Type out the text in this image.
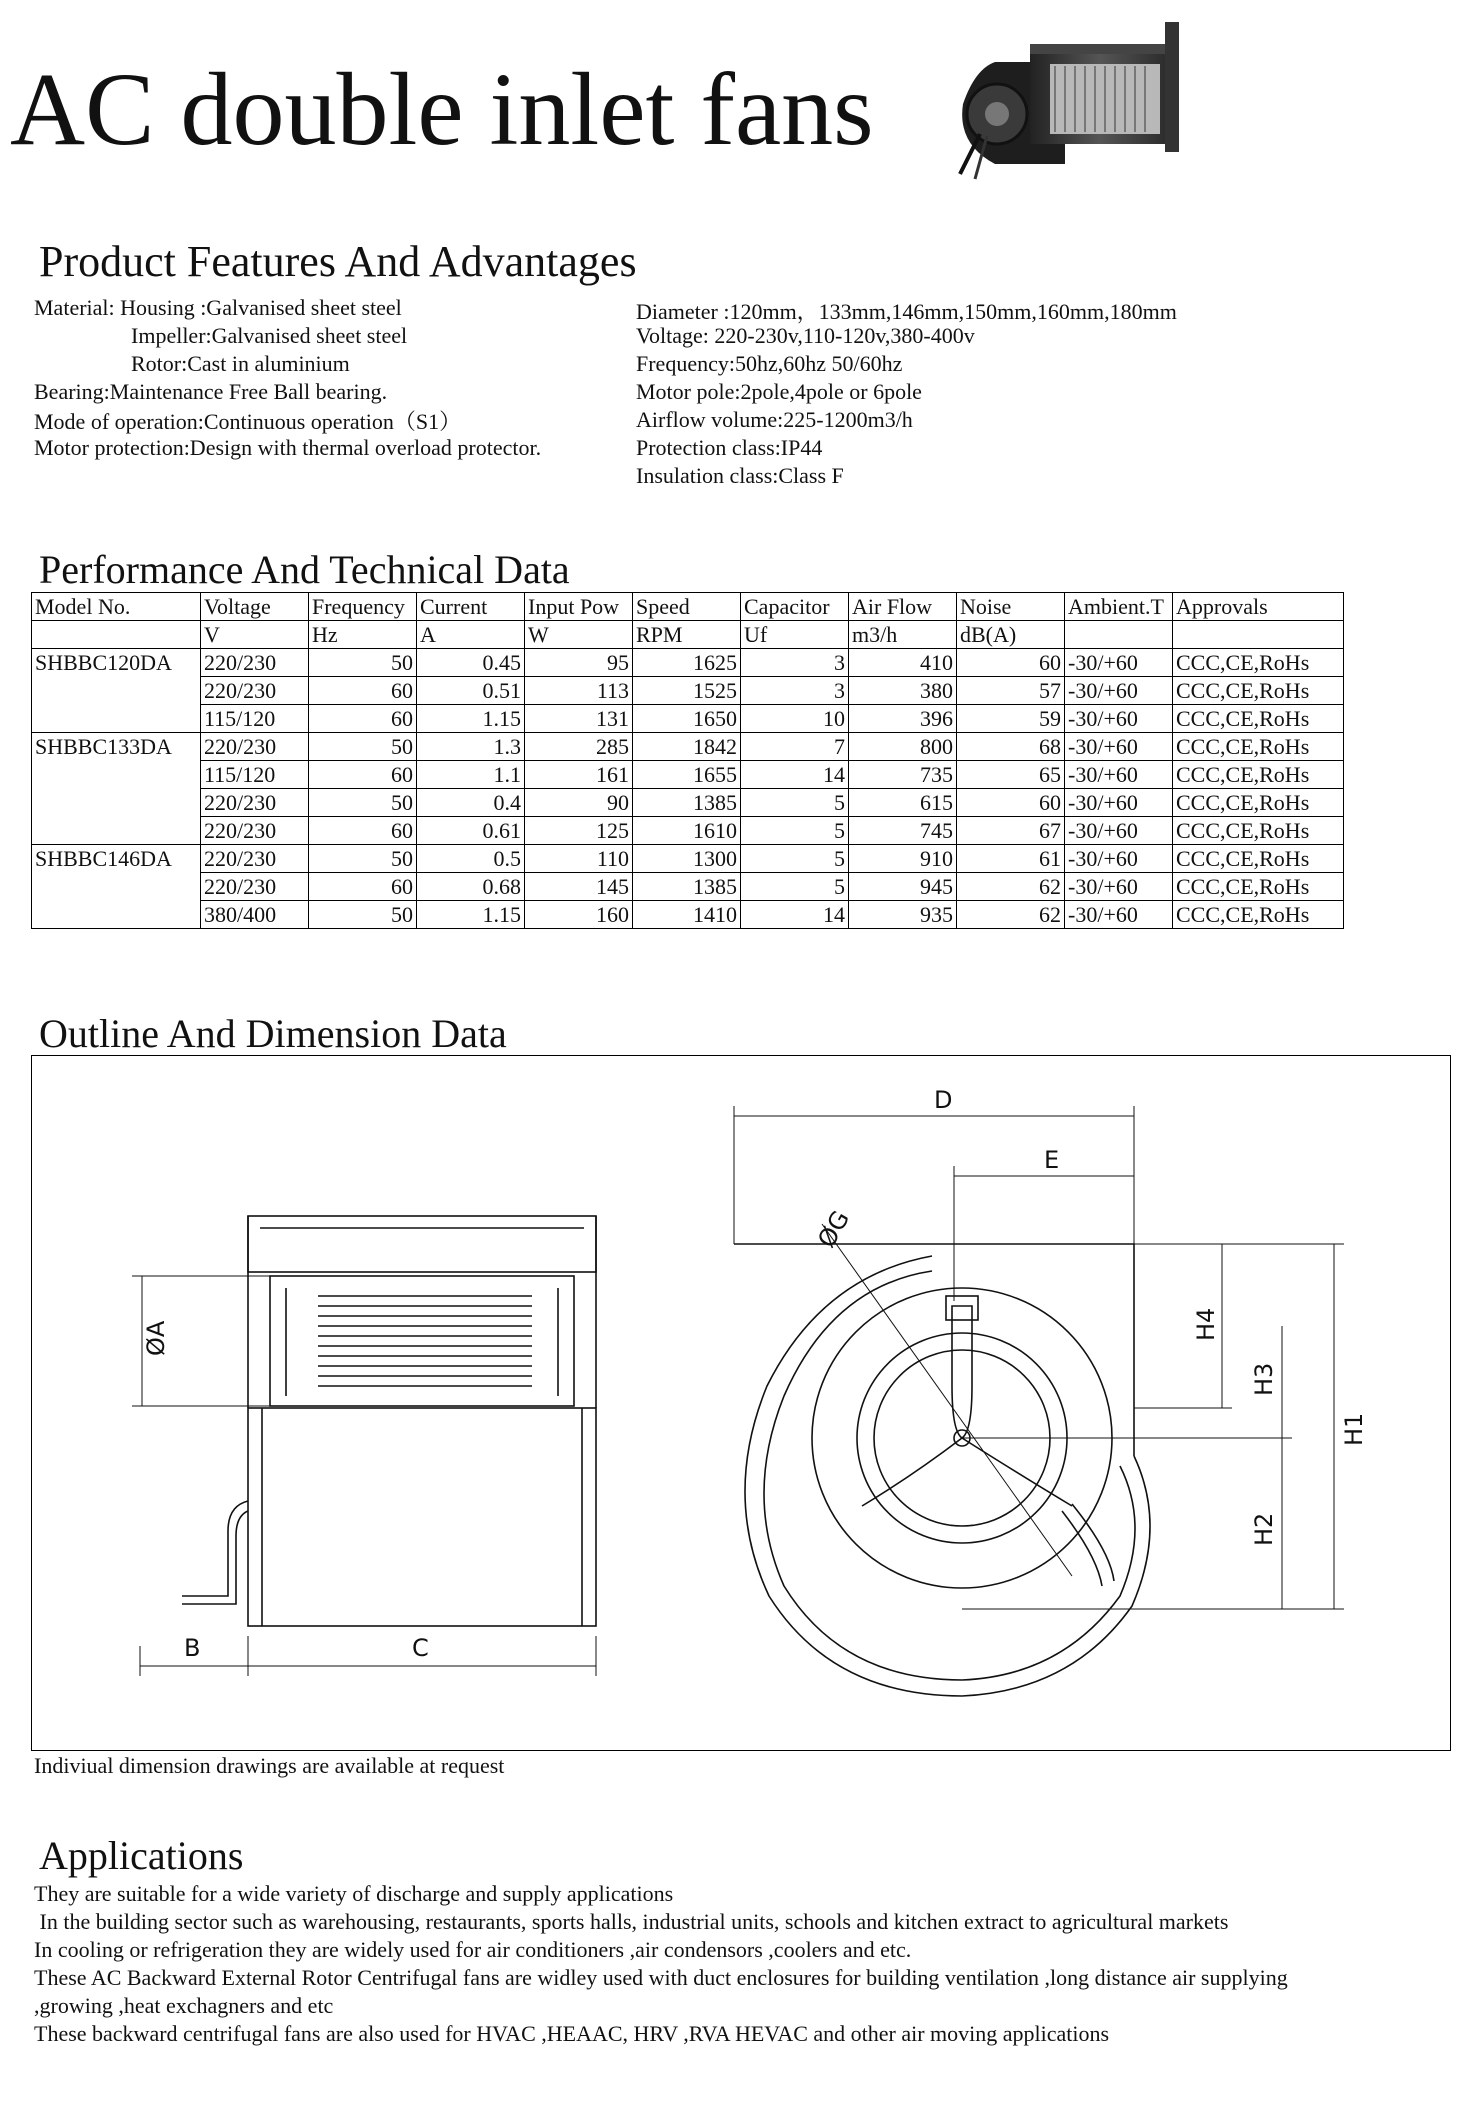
AC double inlet fans
Product Features And Advantages
Material: Housing :Galvanised sheet steel
Impeller:Galvanised sheet steel
Rotor:Cast in aluminium
Bearing:Maintenance Free Ball bearing.
Mode of operation:Continuous operation（S1）
Motor protection:Design with thermal overload protector.
Diameter :120mm，133mm,146mm,150mm,160mm,180mm
Voltage: 220-230v,110-120v,380-400v
Frequency:50hz,60hz 50/60hz
Motor pole:2pole,4pole or 6pole
Airflow volume:225-1200m3/h
Protection class:IP44
Insulation class:Class F
Performance And Technical Data
Model No.	Voltage	Frequency	Current	Input Pow	Speed	Capacitor	Air Flow	Noise	Ambient.T	Approvals
	V	Hz	A	W	RPM	Uf	m3/h	dB(A)		
SHBBC120DA	220/230	50	0.45	95	1625	3	410	60	-30/+60	CCC,CE,RoHs
	220/230	60	0.51	113	1525	3	380	57	-30/+60	CCC,CE,RoHs
	115/120	60	1.15	131	1650	10	396	59	-30/+60	CCC,CE,RoHs
SHBBC133DA	220/230	50	1.3	285	1842	7	800	68	-30/+60	CCC,CE,RoHs
	115/120	60	1.1	161	1655	14	735	65	-30/+60	CCC,CE,RoHs
	220/230	50	0.4	90	1385	5	615	60	-30/+60	CCC,CE,RoHs
	220/230	60	0.61	125	1610	5	745	67	-30/+60	CCC,CE,RoHs
SHBBC146DA	220/230	50	0.5	110	1300	5	910	61	-30/+60	CCC,CE,RoHs
	220/230	60	0.68	145	1385	5	945	62	-30/+60	CCC,CE,RoHs
	380/400	50	1.15	160	1410	14	935	62	-30/+60	CCC,CE,RoHs
Outline And Dimension Data
D
E
ØG
H1
H2
H3
H4
ØA
B	C
Indiviual dimension drawings are available at request
Applications
They are suitable for a wide variety of discharge and supply applications
In the building sector such as warehousing, restaurants, sports halls, industrial units, schools and kitchen extract to agricultural markets
In cooling or refrigeration they are widely used for air conditioners ,air condensors ,coolers and etc.
These AC Backward External Rotor Centrifugal fans are widley used with duct enclosures for building ventilation ,long distance air supplying
,growing ,heat exchagners and etc
These backward centrifugal fans are also used for HVAC ,HEAAC, HRV ,RVA HEVAC and other air moving applications
